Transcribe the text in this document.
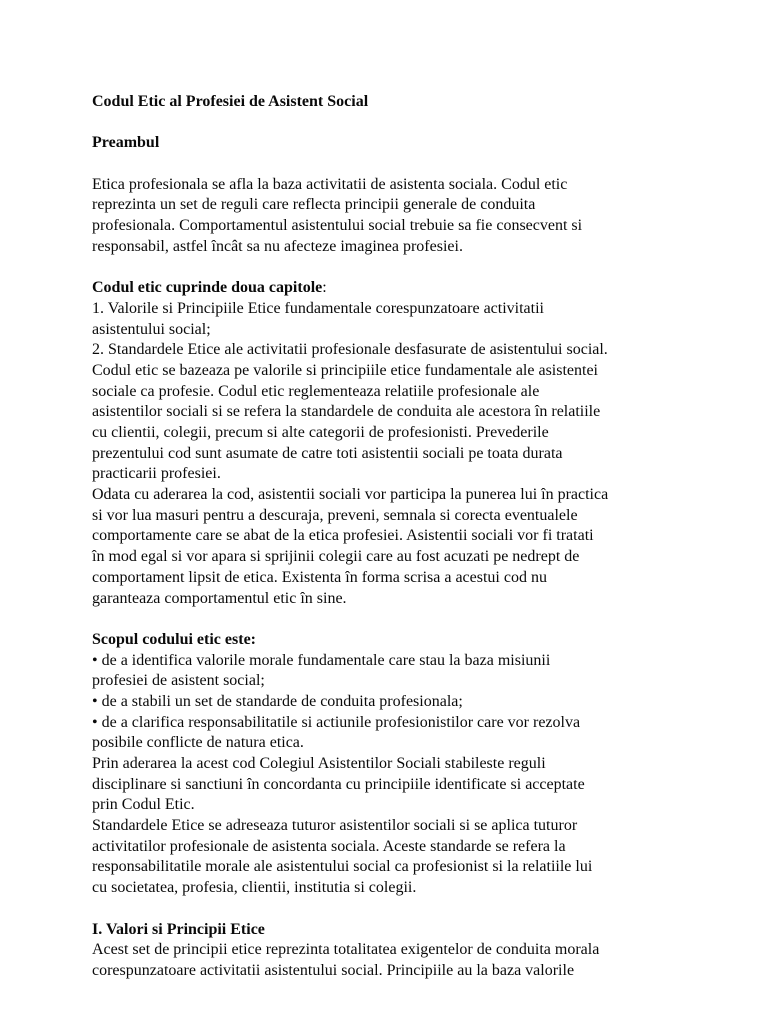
Codul Etic al Profesiei de Asistent Social
Preambul
Etica profesionala se afla la baza activitatii de asistenta sociala. Codul etic
reprezinta un set de reguli care reflecta principii generale de conduita
profesionala. Comportamentul asistentului social trebuie sa fie consecvent si
responsabil, astfel încât sa nu afecteze imaginea profesiei.
Codul etic cuprinde doua capitole:
1. Valorile si Principiile Etice fundamentale corespunzatoare activitatii
asistentului social;
2. Standardele Etice ale activitatii profesionale desfasurate de asistentului social.
Codul etic se bazeaza pe valorile si principiile etice fundamentale ale asistentei
sociale ca profesie. Codul etic reglementeaza relatiile profesionale ale
asistentilor sociali si se refera la standardele de conduita ale acestora în relatiile
cu clientii, colegii, precum si alte categorii de profesionisti. Prevederile
prezentului cod sunt asumate de catre toti asistentii sociali pe toata durata
practicarii profesiei.
Odata cu aderarea la cod, asistentii sociali vor participa la punerea lui în practica
si vor lua masuri pentru a descuraja, preveni, semnala si corecta eventualele
comportamente care se abat de la etica profesiei. Asistentii sociali vor fi tratati
în mod egal si vor apara si sprijinii colegii care au fost acuzati pe nedrept de
comportament lipsit de etica. Existenta în forma scrisa a acestui cod nu
garanteaza comportamentul etic în sine.
Scopul codului etic este:
• de a identifica valorile morale fundamentale care stau la baza misiunii
profesiei de asistent social;
• de a stabili un set de standarde de conduita profesionala;
• de a clarifica responsabilitatile si actiunile profesionistilor care vor rezolva
posibile conflicte de natura etica.
Prin aderarea la acest cod Colegiul Asistentilor Sociali stabileste reguli
disciplinare si sanctiuni în concordanta cu principiile identificate si acceptate
prin Codul Etic.
Standardele Etice se adreseaza tuturor asistentilor sociali si se aplica tuturor
activitatilor profesionale de asistenta sociala. Aceste standarde se refera la
responsabilitatile morale ale asistentului social ca profesionist si la relatiile lui
cu societatea, profesia, clientii, institutia si colegii.
I. Valori si Principii Etice
Acest set de principii etice reprezinta totalitatea exigentelor de conduita morala
corespunzatoare activitatii asistentului social. Principiile au la baza valorile
